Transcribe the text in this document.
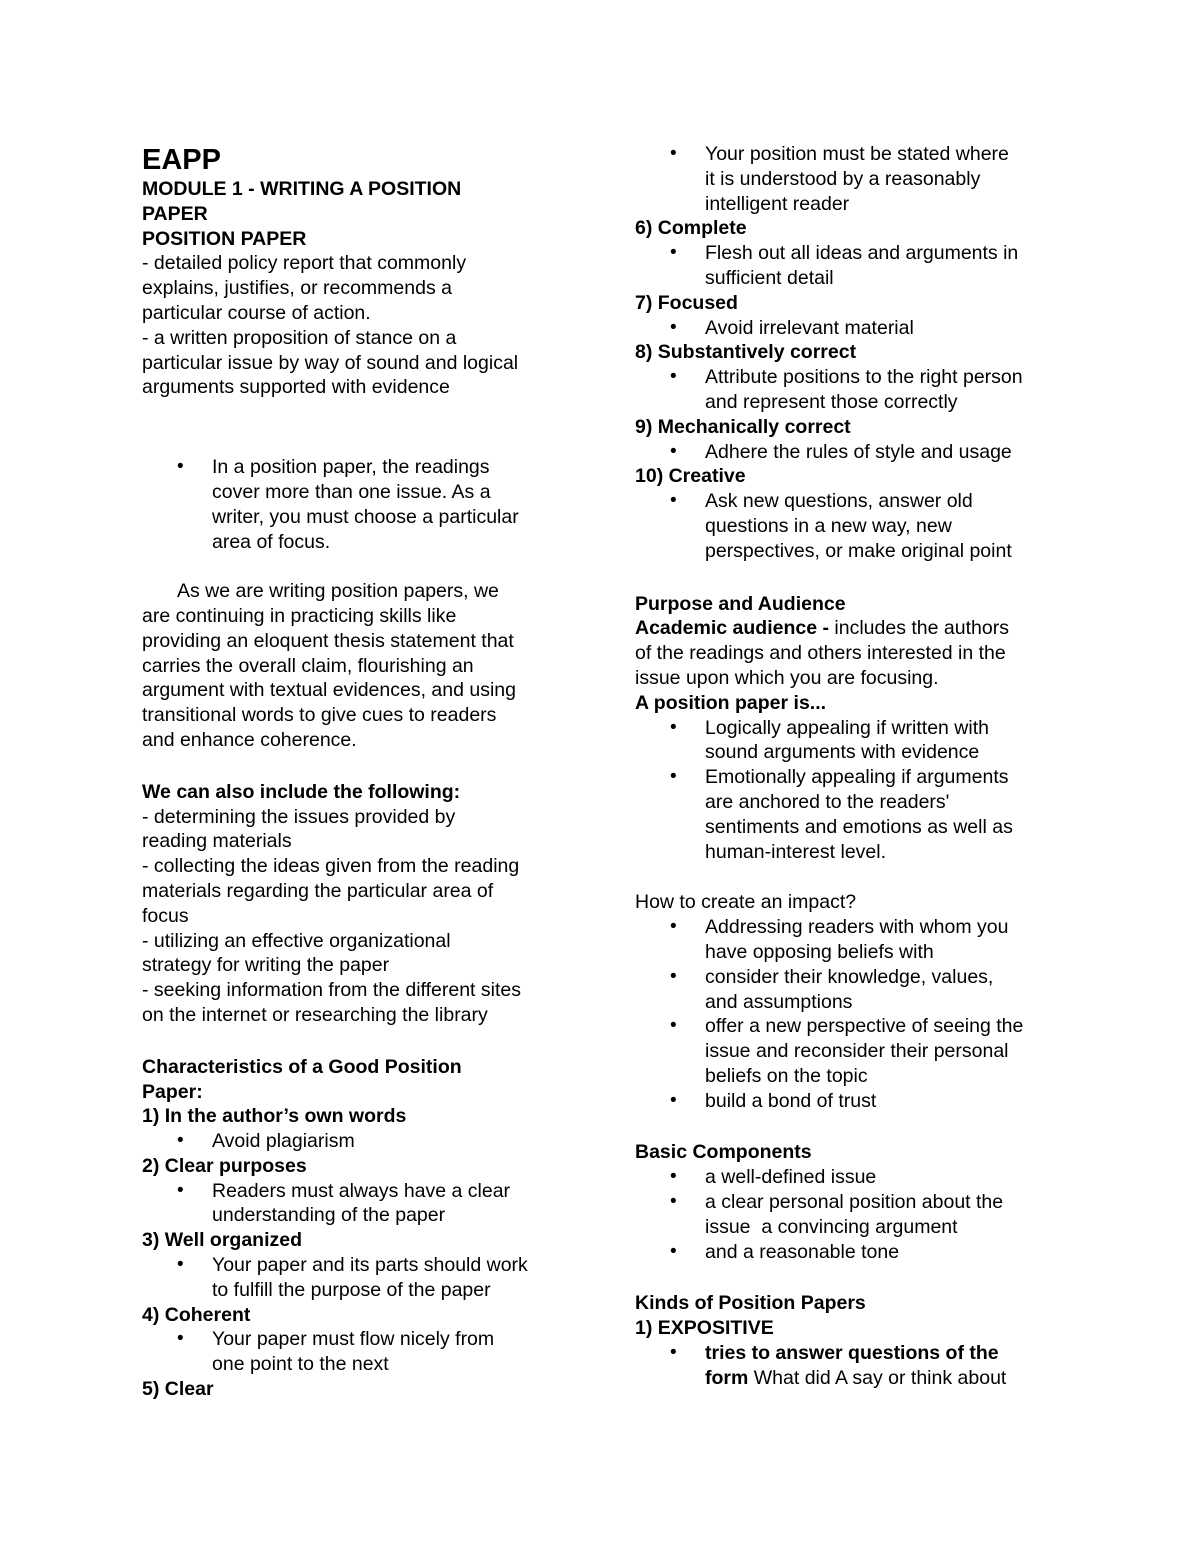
EAPP
MODULE 1 - WRITING A POSITION
PAPER
POSITION PAPER
- detailed policy report that commonly
explains, justifies, or recommends a
particular course of action.
- a written proposition of stance on a
particular issue by way of sound and logical
arguments supported with evidence
• In a position paper, the readings
cover more than one issue. As a
writer, you must choose a particular
area of focus.
As we are writing position papers, we
are continuing in practicing skills like
providing an eloquent thesis statement that
carries the overall claim, flourishing an
argument with textual evidences, and using
transitional words to give cues to readers
and enhance coherence.
We can also include the following:
- determining the issues provided by
reading materials
- collecting the ideas given from the reading
materials regarding the particular area of
focus
- utilizing an effective organizational
strategy for writing the paper
- seeking information from the different sites
on the internet or researching the library
Characteristics of a Good Position
Paper:
1) In the author’s own words
• Avoid plagiarism
2) Clear purposes
• Readers must always have a clear
understanding of the paper
3) Well organized
• Your paper and its parts should work
to fulfill the purpose of the paper
4) Coherent
• Your paper must flow nicely from
one point to the next
5) Clear
• Your position must be stated where
it is understood by a reasonably
intelligent reader
6) Complete
• Flesh out all ideas and arguments in
sufficient detail
7) Focused
• Avoid irrelevant material
8) Substantively correct
• Attribute positions to the right person
and represent those correctly
9) Mechanically correct
• Adhere the rules of style and usage
10) Creative
• Ask new questions, answer old
questions in a new way, new
perspectives, or make original point
Purpose and Audience
Academic audience - includes the authors
of the readings and others interested in the
issue upon which you are focusing.
A position paper is...
• Logically appealing if written with
sound arguments with evidence
• Emotionally appealing if arguments
are anchored to the readers'
sentiments and emotions as well as
human-interest level.
How to create an impact?
• Addressing readers with whom you
have opposing beliefs with
• consider their knowledge, values,
and assumptions
• offer a new perspective of seeing the
issue and reconsider their personal
beliefs on the topic
• build a bond of trust
Basic Components
• a well-defined issue
• a clear personal position about the
issue  a convincing argument
• and a reasonable tone
Kinds of Position Papers
1) EXPOSITIVE
• tries to answer questions of the
form What did A say or think about
